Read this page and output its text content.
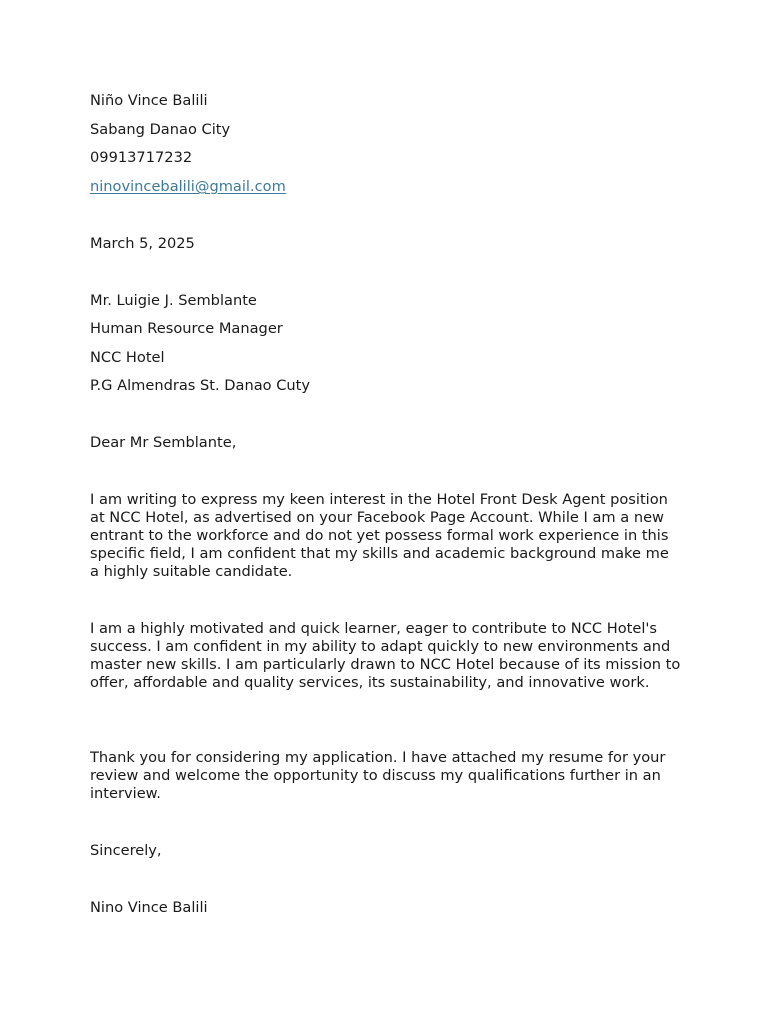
Niño Vince Balili
Sabang Danao City
09913717232
ninovincebalili@gmail.com
March 5, 2025
Mr. Luigie J. Semblante
Human Resource Manager
NCC Hotel
P.G Almendras St. Danao Cuty
Dear Mr Semblante,
I am writing to express my keen interest in the Hotel Front Desk Agent position at NCC Hotel, as advertised on your Facebook Page Account. While I am a new entrant to the workforce and do not yet possess formal work experience in this specific field, I am confident that my skills and academic background make me a highly suitable candidate.
I am a highly motivated and quick learner, eager to contribute to NCC Hotel's success. I am confident in my ability to adapt quickly to new environments and master new skills. I am particularly drawn to NCC Hotel because of its mission to offer, affordable and quality services, its sustainability, and innovative work.
Thank you for considering my application. I have attached my resume for your review and welcome the opportunity to discuss my qualifications further in an interview.
Sincerely,
Nino Vince Balili
